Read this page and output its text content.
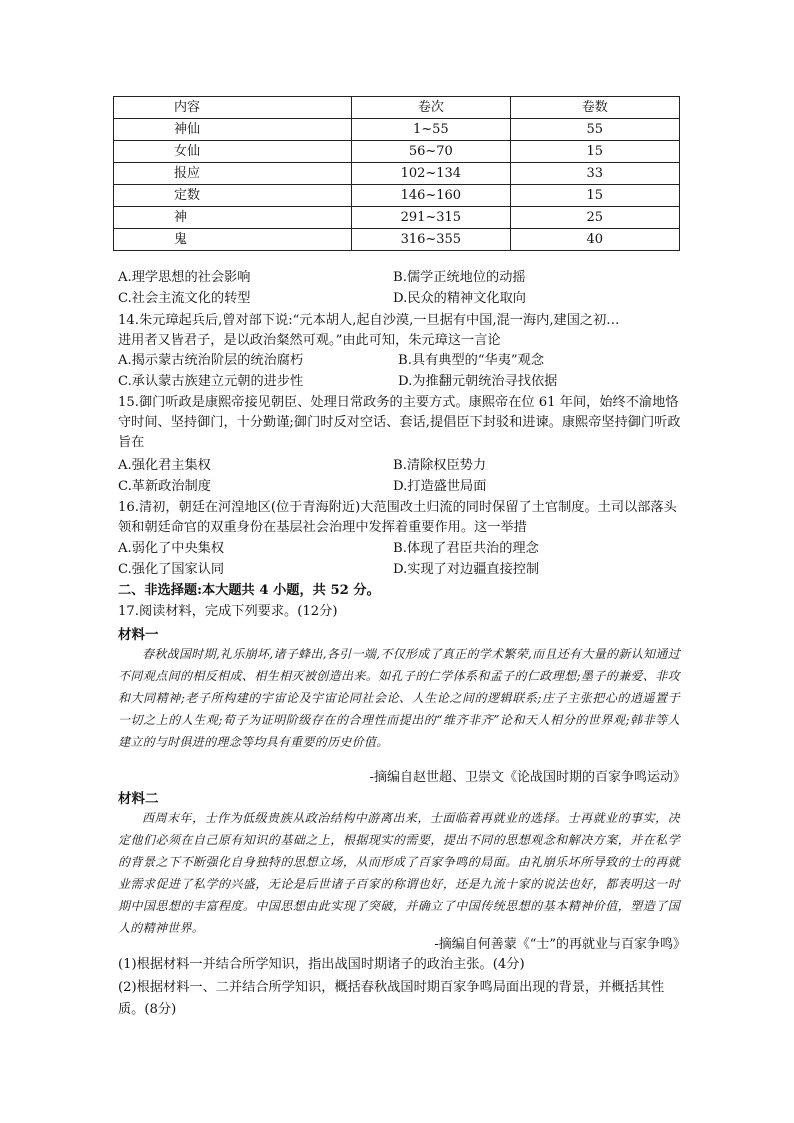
内容	卷次	卷数
神仙	1~55	55
女仙	56~70	15
报应	102~134	33
定数	146~160	15
神	291~315	25
鬼	316~355	40
A.理学思想的社会影响	B.儒学正统地位的动摇
C.社会主流文化的转型	D.民众的精神文化取向
14.朱元璋起兵后,曾对部下说:“元本胡人,起自沙漠,一旦据有中国,混一海内,建国之初…
进用者又皆君子，是以政治粲然可观。”由此可知，朱元璋这一言论
A.揭示蒙古统治阶层的统治腐朽	B.具有典型的“华夷”观念
C.承认蒙古族建立元朝的进步性	D.为推翻元朝统治寻找依据
15.御门听政是康熙帝接见朝臣、处理日常政务的主要方式。康熙帝在位 61 年间，始终不渝地恪守时间、坚持御门，十分勤谨;御门时反对空话、套话,提倡臣下封驳和进谏。康熙帝坚持御门听政旨在
A.强化君主集权	B.清除权臣势力
C.革新政治制度	D.打造盛世局面
16.清初，朝廷在河湟地区(位于青海附近)大范围改土归流的同时保留了土官制度。土司以部落头领和朝廷命官的双重身份在基层社会治理中发挥着重要作用。这一举措
A.弱化了中央集权	B.体现了君臣共治的理念
C.强化了国家认同	D.实现了对边疆直接控制
二、非选择题:本大题共 4 小题，共 52 分。
17.阅读材料，完成下列要求。(12分)
材料一
春秋战国时期,礼乐崩坏,诸子蜂出,各引一端,不仅形成了真正的学术繁荣,而且还有大量的新认知通过不同观点间的相反相成、相生相灭被创造出来。如孔子的仁学体系和孟子的仁政理想;墨子的兼爱、非攻和大同精神;老子所构建的宇宙论及宇宙论同社会论、人生论之间的逻辑联系;庄子主张把心的逍遥置于一切之上的人生观;荀子为证明阶级存在的合理性而提出的“维齐非齐”论和天人相分的世界观;韩非等人建立的与时俱进的理念等均具有重要的历史价值。
-摘编自赵世超、卫崇文《论战国时期的百家争鸣运动》
材料二
西周末年，士作为低级贵族从政治结构中游离出来，士面临着再就业的选择。士再就业的事实，决定他们必须在自己原有知识的基础之上，根据现实的需要，提出不同的思想观念和解决方案，并在私学的背景之下不断强化自身独特的思想立场，从而形成了百家争鸣的局面。由礼崩乐坏所导致的士的再就业需求促进了私学的兴盛，无论是后世诸子百家的称谓也好，还是九流十家的说法也好，都表明这一时期中国思想的丰富程度。中国思想由此实现了突破，并确立了中国传统思想的基本精神价值，塑造了国人的精神世界。
-摘编自何善蒙《“士”的再就业与百家争鸣》
(1)根据材料一并结合所学知识，指出战国时期诸子的政治主张。(4分)
(2)根据材料一、二并结合所学知识，概括春秋战国时期百家争鸣局面出现的背景，并概括其性质。(8分)
